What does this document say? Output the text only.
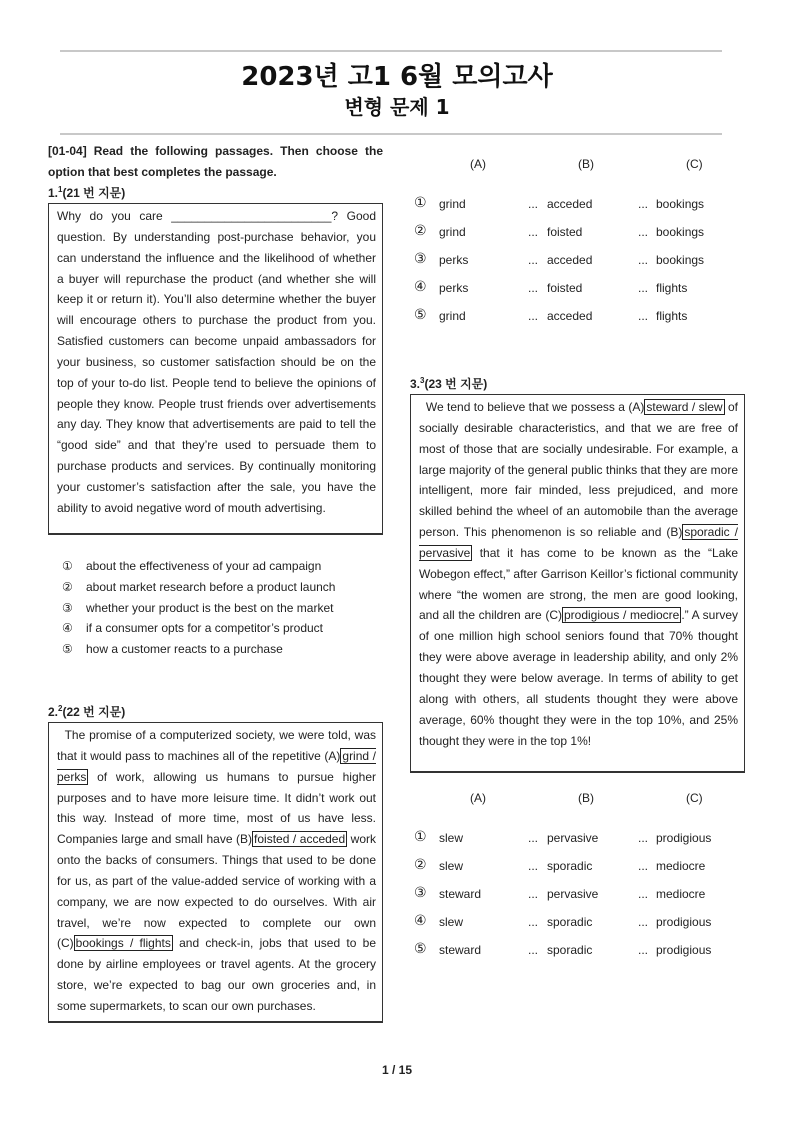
2023년 고1 6월 모의고사
변형 문제 1
[01-04] Read the following passages. Then choose the option that best completes the passage.
1.$^1$(21 번 지문)
Why do you care ________________________? Good question. By understanding post-purchase behavior, you can understand the influence and the likelihood of whether a buyer will repurchase the product (and whether she will keep it or return it). You’ll also determine whether the buyer will encourage others to purchase the product from you. Satisfied customers can become unpaid ambassadors for your business, so customer satisfaction should be on the top of your to-do list. People tend to believe the opinions of people they know. People trust friends over advertisements any day. They know that advertisements are paid to tell the “good side” and that they’re used to persuade them to purchase products and services. By continually monitoring your customer’s satisfaction after the sale, you have the ability to avoid negative word of mouth advertising.
①	about the effectiveness of your ad campaign
②	about market research before a product launch
③	whether your product is the best on the market
④	if a consumer opts for a competitor’s product
⑤	how a customer reacts to a purchase
2.$^2$(22 번 지문)
The promise of a computerized society, we were told, was that it would pass to machines all of the repetitive (A) grind / perks of work, allowing us humans to pursue higher purposes and to have more leisure time. It didn’t work out this way. Instead of more time, most of us have less. Companies large and small have (B) foisted / acceded work onto the backs of consumers. Things that used to be done for us, as part of the value-added service of working with a company, we are now expected to do ourselves. With air travel, we’re now expected to complete our own (C) bookings / flights and check-in, jobs that used to be done by airline employees or travel agents. At the grocery store, we’re expected to bag our own groceries and, in some supermarkets, to scan our own purchases.
(A)	(B)	(C)
① grind	... acceded	... bookings
② grind	... foisted	... bookings
③ perks	... acceded	... bookings
④ perks	... foisted	... flights
⑤ grind	... acceded	... flights
3.$^3$(23 번 지문)
We tend to believe that we possess a (A) steward / slew of socially desirable characteristics, and that we are free of most of those that are socially undesirable. For example, a large majority of the general public thinks that they are more intelligent, more fair minded, less prejudiced, and more skilled behind the wheel of an automobile than the average person. This phenomenon is so reliable and (B) sporadic / pervasive that it has come to be known as the “Lake Wobegon effect,” after Garrison Keillor’s fictional community where “the women are strong, the men are good looking, and all the children are (C) prodigious / mediocre .” A survey of one million high school seniors found that 70% thought they were above average in leadership ability, and only 2% thought they were below average. In terms of ability to get along with others, all students thought they were above average, 60% thought they were in the top 10%, and 25% thought they were in the top 1%!
(A)	(B)	(C)
① slew	... pervasive	... prodigious
② slew	... sporadic	... mediocre
③ steward	... pervasive	... mediocre
④ slew	... sporadic	... prodigious
⑤ steward	... sporadic	... prodigious
1 / 15
